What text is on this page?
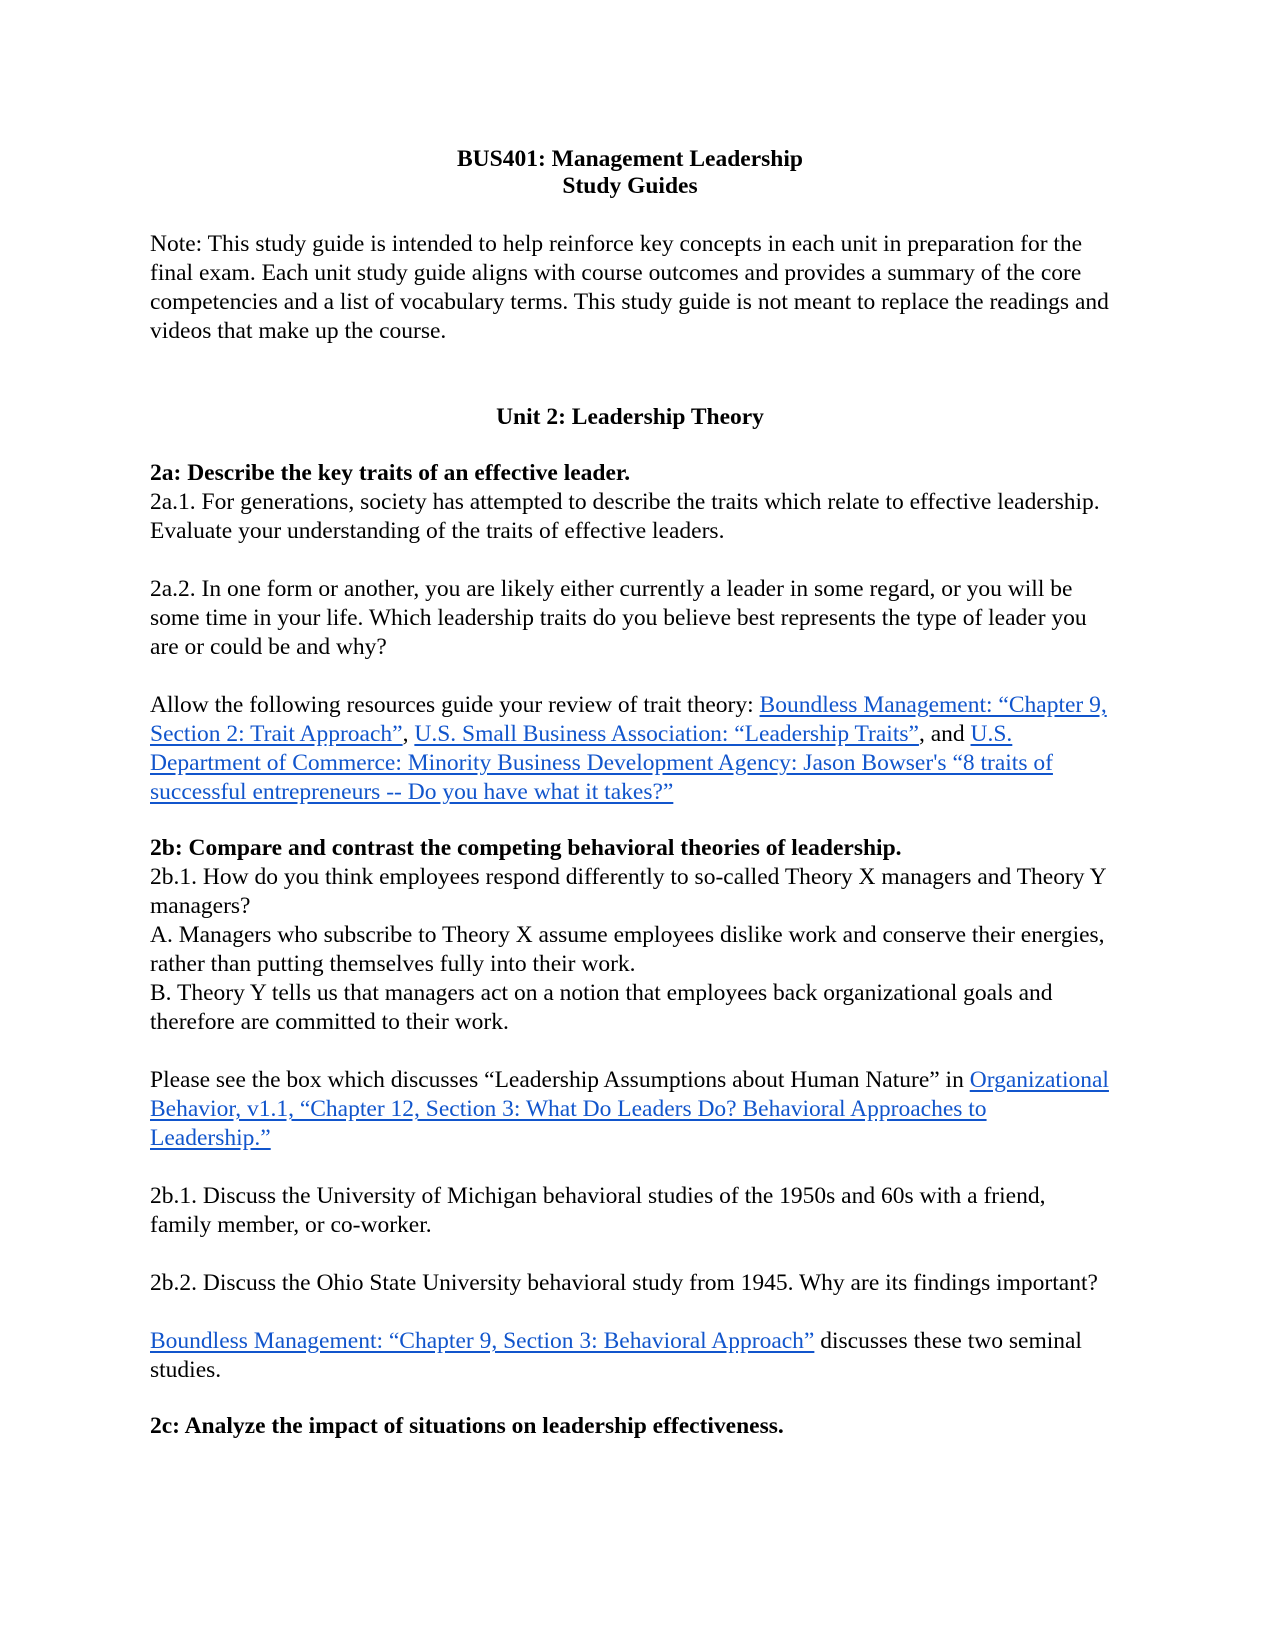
BUS401: Management Leadership
Study Guides

Note: This study guide is intended to help reinforce key concepts in each unit in preparation for the final exam. Each unit study guide aligns with course outcomes and provides a summary of the core competencies and a list of vocabulary terms. This study guide is not meant to replace the readings and videos that make up the course.

Unit 2: Leadership Theory
2a: Describe the key traits of an effective leader.

2a.1. For generations, society has attempted to describe the traits which relate to effective leadership. Evaluate your understanding of the traits of effective leaders.

2a.2. In one form or another, you are likely either currently a leader in some regard, or you will be some time in your life. Which leadership traits do you believe best represents the type of leader you are or could be and why?

Allow the following resources guide your review of trait theory: Boundless Management: “Chapter 9, Section 2: Trait Approach”, U.S. Small Business Association: “Leadership Traits”, and U.S. Department of Commerce: Minority Business Development Agency: Jason Bowser's “8 traits of successful entrepreneurs -- Do you have what it takes?”

2b: Compare and contrast the competing behavioral theories of leadership.

2b.1. How do you think employees respond differently to so-called Theory X managers and Theory Y managers?

A. Managers who subscribe to Theory X assume employees dislike work and conserve their energies, rather than putting themselves fully into their work.

B. Theory Y tells us that managers act on a notion that employees back organizational goals and therefore are committed to their work.

Please see the box which discusses “Leadership Assumptions about Human Nature” in Organizational Behavior, v1.1, “Chapter 12, Section 3: What Do Leaders Do? Behavioral Approaches to Leadership.”

2b.1. Discuss the University of Michigan behavioral studies of the 1950s and 60s with a friend, family member, or co-worker.

2b.2. Discuss the Ohio State University behavioral study from 1945. Why are its findings important?

Boundless Management: “Chapter 9, Section 3: Behavioral Approach” discusses these two seminal studies.

2c: Analyze the impact of situations on leadership effectiveness.
